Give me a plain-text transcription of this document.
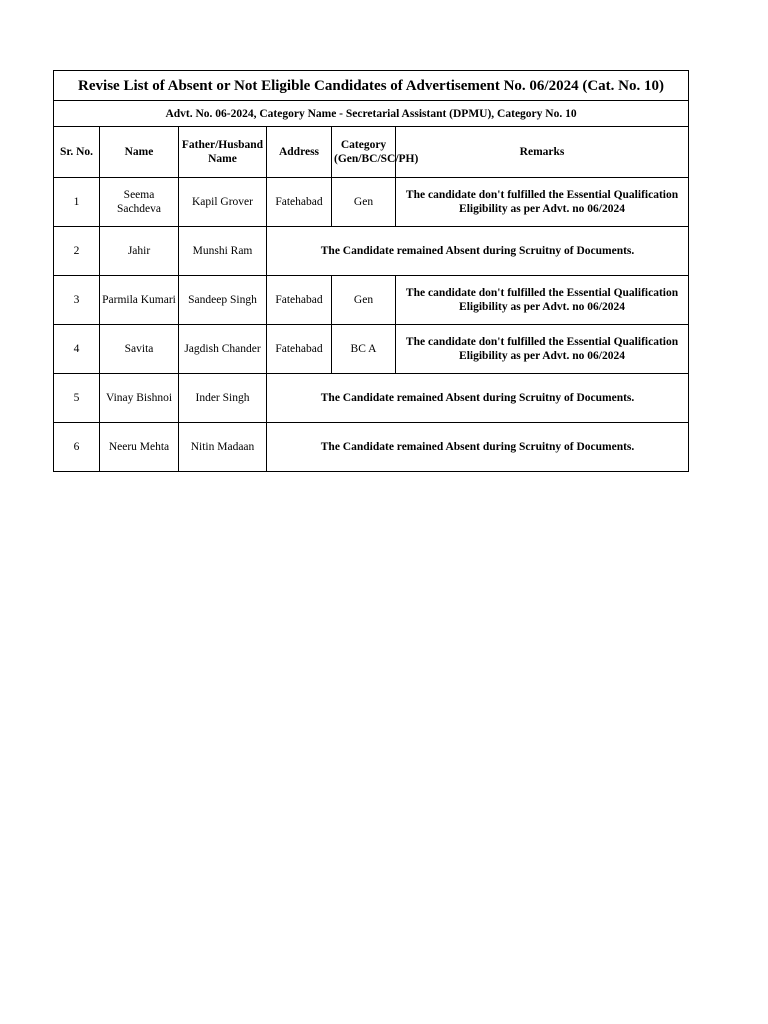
Revise List of Absent or Not Eligible Candidates of Advertisement No. 06/2024 (Cat. No. 10)					
Advt. No. 06-2024, Category Name - Secretarial Assistant (DPMU), Category No. 10					
Sr. No.	Name	Father/Husband Name	Address	Category (Gen/BC/SC/PH)	Remarks
1	Seema Sachdeva	Kapil Grover	Fatehabad	Gen	The candidate don't fulfilled the Essential Qualification Eligibility as per Advt. no 06/2024
2	Jahir	Munshi Ram	The Candidate remained Absent during Scruitny of Documents.		
3	Parmila Kumari	Sandeep Singh	Fatehabad	Gen	The candidate don't fulfilled the Essential Qualification Eligibility as per Advt. no 06/2024
4	Savita	Jagdish Chander	Fatehabad	BC A	The candidate don't fulfilled the Essential Qualification Eligibility as per Advt. no 06/2024
5	Vinay Bishnoi	Inder Singh	The Candidate remained Absent during Scruitny of Documents.		
6	Neeru Mehta	Nitin Madaan	The Candidate remained Absent during Scruitny of Documents.		
